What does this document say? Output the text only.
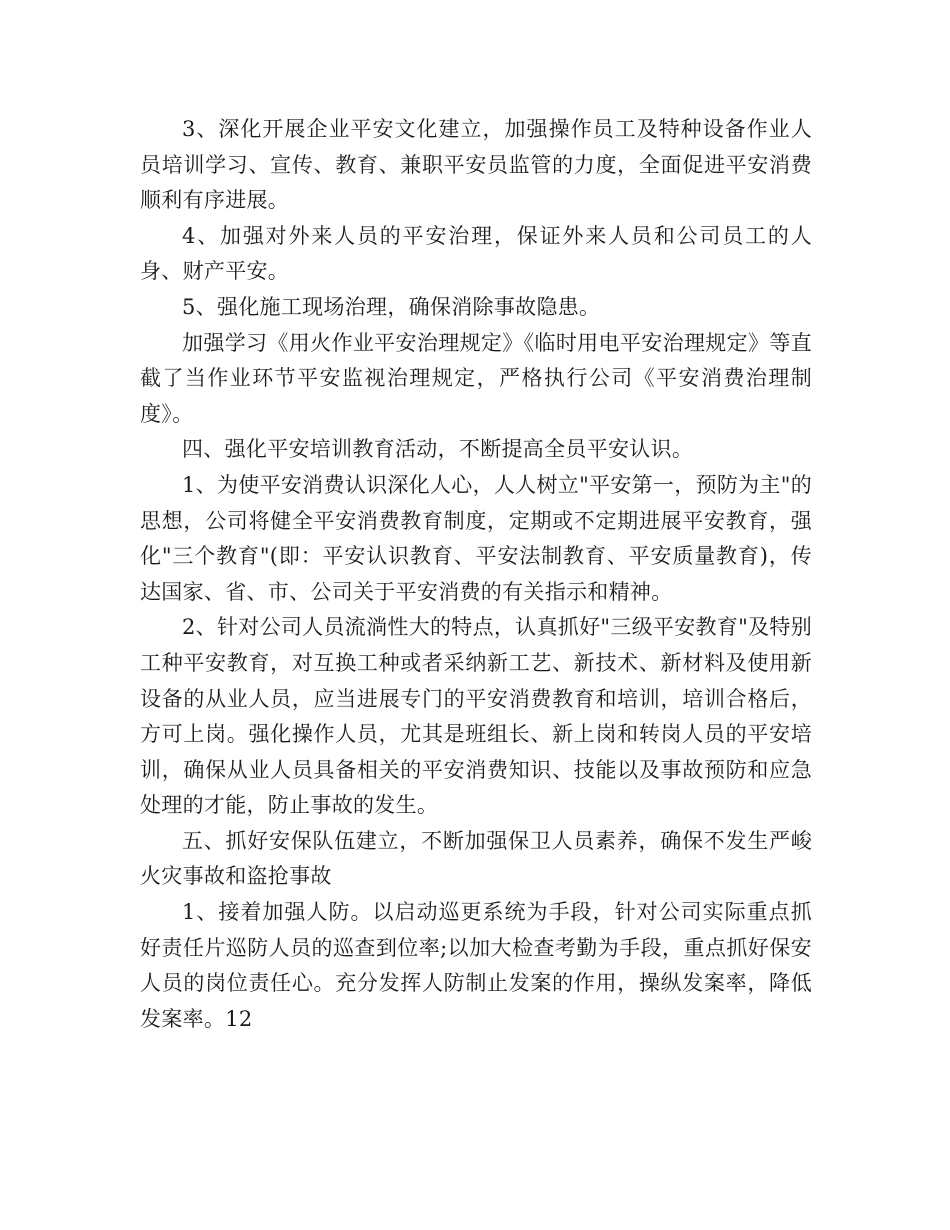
3、深化开展企业平安文化建立，加强操作员工及特种设备作业人员培训学习、宣传、教育、兼职平安员监管的力度，全面促进平安消费顺利有序进展。

4、加强对外来人员的平安治理，保证外来人员和公司员工的人身、财产平安。

5、强化施工现场治理，确保消除事故隐患。

加强学习《用火作业平安治理规定》《临时用电平安治理规定》等直截了当作业环节平安监视治理规定，严格执行公司《平安消费治理制度》。

四、强化平安培训教育活动，不断提高全员平安认识。

1、为使平安消费认识深化人心，人人树立"平安第一，预防为主"的思想，公司将健全平安消费教育制度，定期或不定期进展平安教育，强化"三个教育"(即：平安认识教育、平安法制教育、平安质量教育)，传达国家、省、市、公司关于平安消费的有关指示和精神。

2、针对公司人员流淌性大的特点，认真抓好"三级平安教育"及特别工种平安教育，对互换工种或者采纳新工艺、新技术、新材料及使用新设备的从业人员，应当进展专门的平安消费教育和培训，培训合格后，方可上岗。强化操作人员，尤其是班组长、新上岗和转岗人员的平安培训，确保从业人员具备相关的平安消费知识、技能以及事故预防和应急处理的才能，防止事故的发生。

五、抓好安保队伍建立，不断加强保卫人员素养，确保不发生严峻火灾事故和盗抢事故

1、接着加强人防。以启动巡更系统为手段，针对公司实际重点抓好责任片巡防人员的巡查到位率;以加大检查考勤为手段，重点抓好保安人员的岗位责任心。充分发挥人防制止发案的作用，操纵发案率，降低发案率。12
